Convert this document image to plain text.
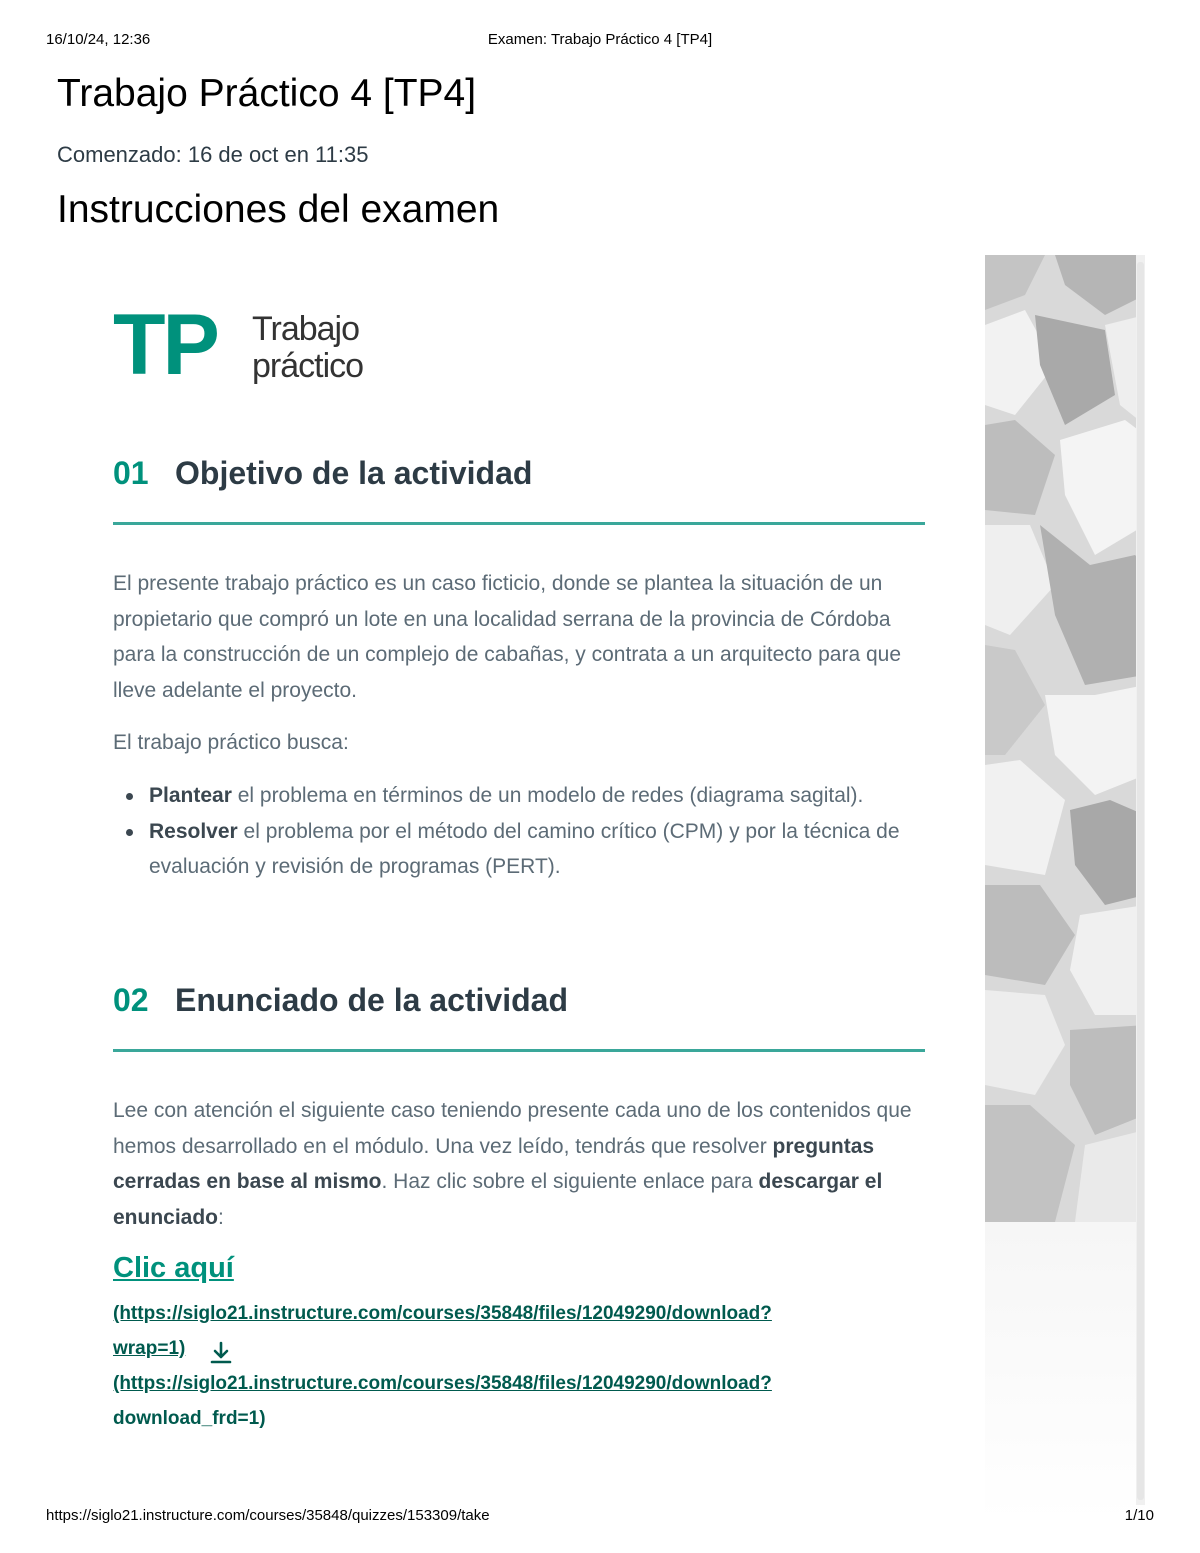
16/10/24, 12:36	Examen: Trabajo Práctico 4 [TP4]
Trabajo Práctico 4 [TP4]
Comenzado: 16 de oct en 11:35
Instrucciones del examen
TP Trabajo
práctico
01 Objetivo de la actividad

El presente trabajo práctico es un caso ficticio, donde se plantea la situación de un propietario que compró un lote en una localidad serrana de la provincia de Córdoba para la construcción de un complejo de cabañas, y contrata a un arquitecto para que lleve adelante el proyecto.

El trabajo práctico busca:

Plantear el problema en términos de un modelo de redes (diagrama sagital).
Resolver el problema por el método del camino crítico (CPM) y por la técnica de evaluación y revisión de programas (PERT).
02 Enunciado de la actividad

Lee con atención el siguiente caso teniendo presente cada uno de los contenidos que hemos desarrollado en el módulo. Una vez leído, tendrás que resolver preguntas cerradas en base al mismo. Haz clic sobre el siguiente enlace para descargar el enunciado:

Clic aquí
(https://siglo21.instructure.com/courses/35848/files/12049290/download?
wrap=1)
(https://siglo21.instructure.com/courses/35848/files/12049290/download?
download_frd=1)
https://siglo21.instructure.com/courses/35848/quizzes/153309/take	1/10
